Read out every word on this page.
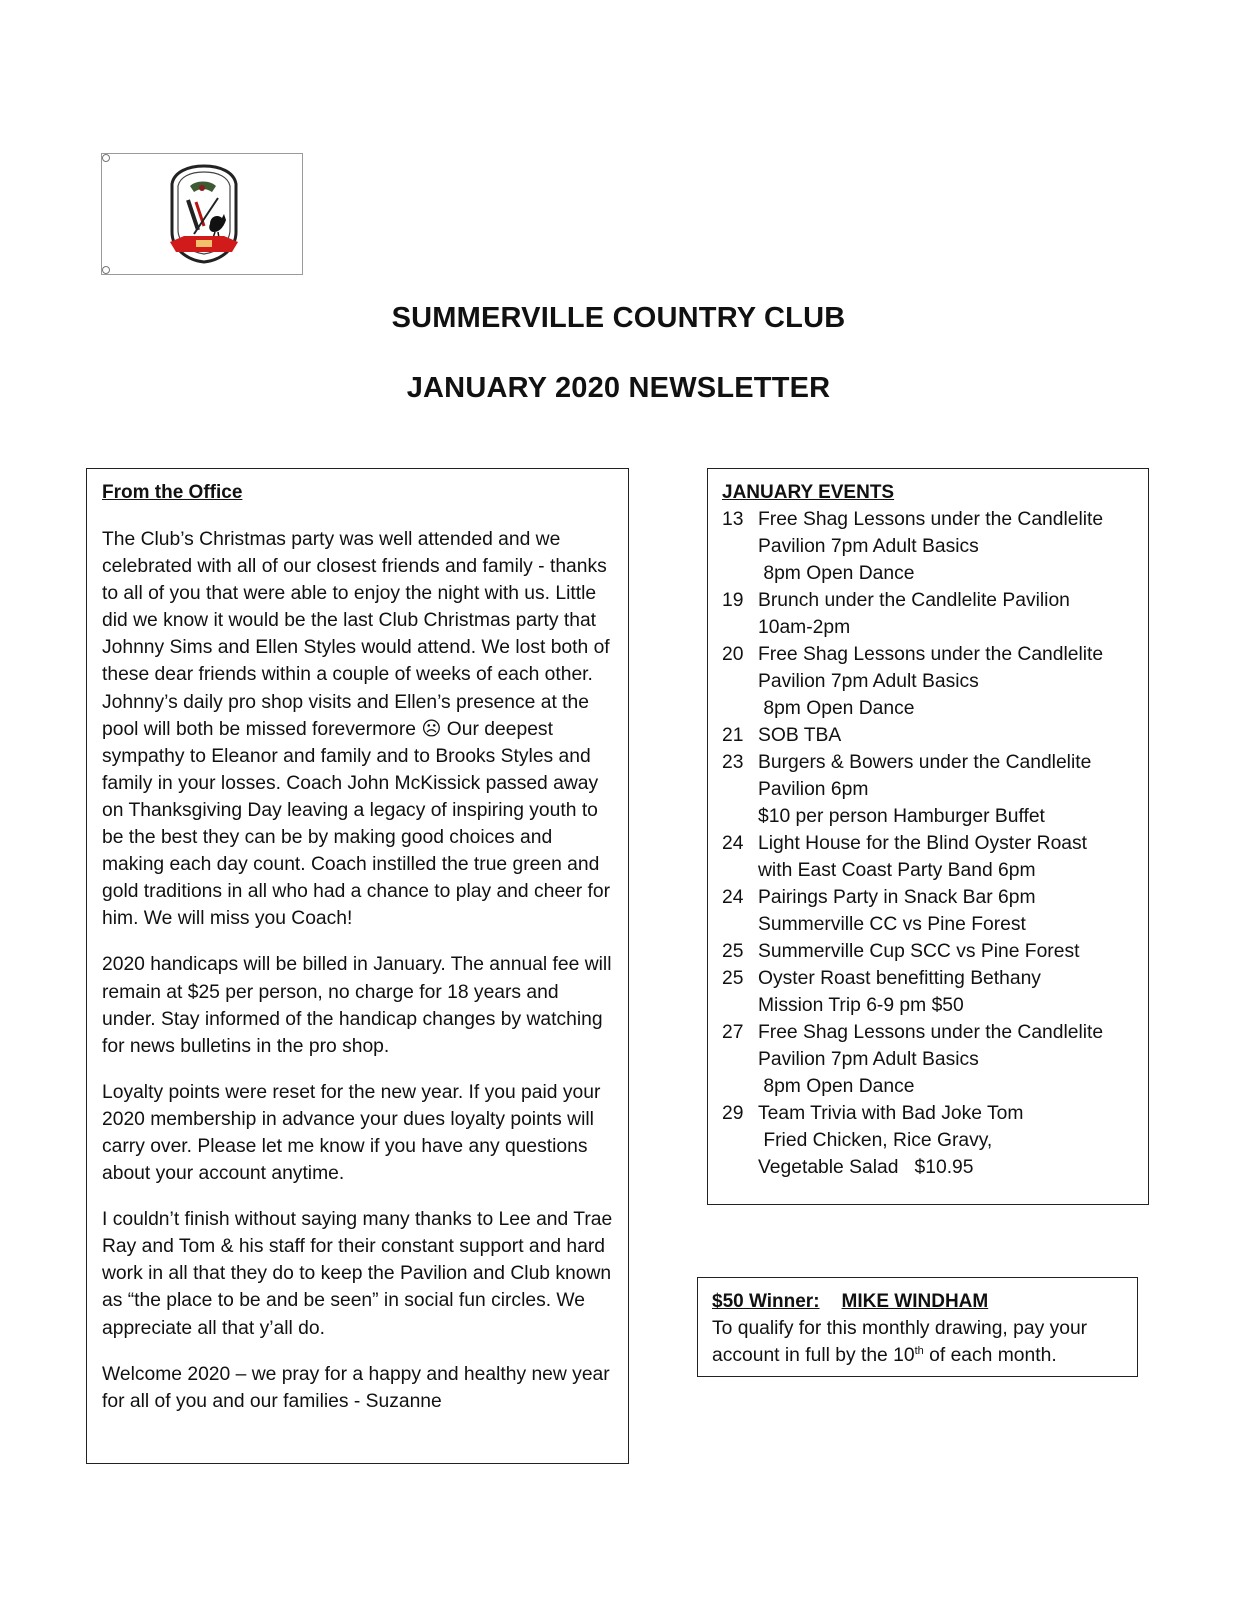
SUMMERVILLE COUNTRY CLUB
JANUARY 2020 NEWSLETTER
From the Office

The Club’s Christmas party was well attended and we celebrated with all of our closest friends and family - thanks to all of you that were able to enjoy the night with us. Little did we know it would be the last Club Christmas party that Johnny Sims and Ellen Styles would attend. We lost both of these dear friends within a couple of weeks of each other. Johnny’s daily pro shop visits and Ellen’s presence at the pool will both be missed forevermore ☹ Our deepest sympathy to Eleanor and family and to Brooks Styles and family in your losses. Coach John McKissick passed away on Thanksgiving Day leaving a legacy of inspiring youth to be the best they can be by making good choices and making each day count. Coach instilled the true green and gold traditions in all who had a chance to play and cheer for him. We will miss you Coach!

2020 handicaps will be billed in January. The annual fee will remain at $25 per person, no charge for 18 years and under. Stay informed of the handicap changes by watching for news bulletins in the pro shop.

Loyalty points were reset for the new year. If you paid your 2020 membership in advance your dues loyalty points will carry over. Please let me know if you have any questions about your account anytime.

I couldn’t finish without saying many thanks to Lee and Trae Ray and Tom & his staff for their constant support and hard work in all that they do to keep the Pavilion and Club known as “the place to be and be seen” in social fun circles. We appreciate all that y’all do.

Welcome 2020 – we pray for a happy and healthy new year for all of you and our families - Suzanne

JANUARY EVENTS
13 Free Shag Lessons under the Candlelite
Pavilion 7pm Adult Basics
8pm Open Dance
19 Brunch under the Candlelite Pavilion
10am-2pm
20 Free Shag Lessons under the Candlelite
Pavilion 7pm Adult Basics
8pm Open Dance
21 SOB TBA
23 Burgers & Bowers under the Candlelite
Pavilion 6pm
$10 per person Hamburger Buffet
24 Light House for the Blind Oyster Roast
with East Coast Party Band 6pm
24 Pairings Party in Snack Bar 6pm
Summerville CC vs Pine Forest
25 Summerville Cup SCC vs Pine Forest
25 Oyster Roast benefitting Bethany
Mission Trip 6-9 pm $50
27 Free Shag Lessons under the Candlelite
Pavilion 7pm Adult Basics
8pm Open Dance
29 Team Trivia with Bad Joke Tom
Fried Chicken, Rice Gravy,
Vegetable Salad   $10.95
$50 Winner: MIKE WINDHAM
To qualify for this monthly drawing, pay your account in full by the 10th of each month.
